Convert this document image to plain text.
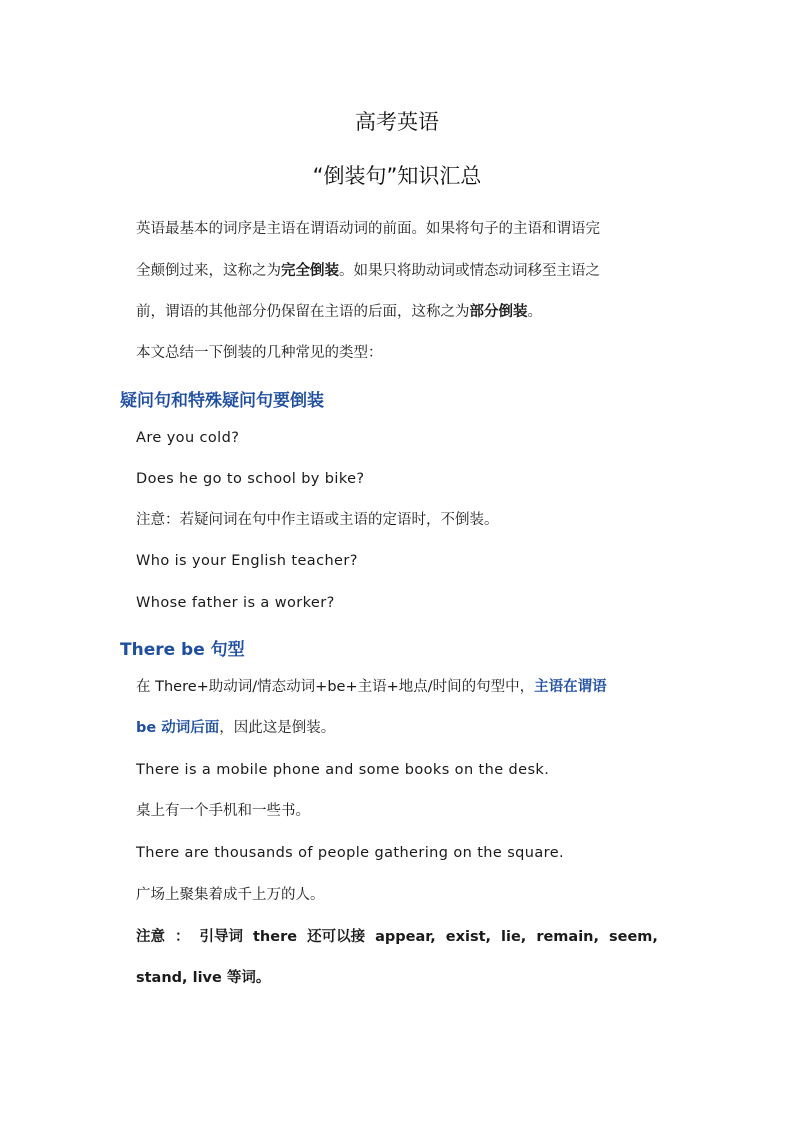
高考英语
“倒装句”知识汇总
英语最基本的词序是主语在谓语动词的前面。如果将句子的主语和谓语完
全颠倒过来，这称之为完全倒装。如果只将助动词或情态动词移至主语之
前，谓语的其他部分仍保留在主语的后面，这称之为部分倒装。
本文总结一下倒装的几种常见的类型：
疑问句和特殊疑问句要倒装
Are you cold?
Does he go to school by bike?
注意：若疑问词在句中作主语或主语的定语时，不倒装。
Who is your English teacher?
Whose father is a worker?
There be 句型
在 There+助动词/情态动词+be+主语+地点/时间的句型中，主语在谓语
be 动词后面，因此这是倒装。
There is a mobile phone and some books on the desk.
桌上有一个手机和一些书。
There are thousands of people gathering on the square.
广场上聚集着成千上万的人。
注意 ： 引导词 there 还可以接 appear, exist, lie, remain, seem,
stand, live 等词。
